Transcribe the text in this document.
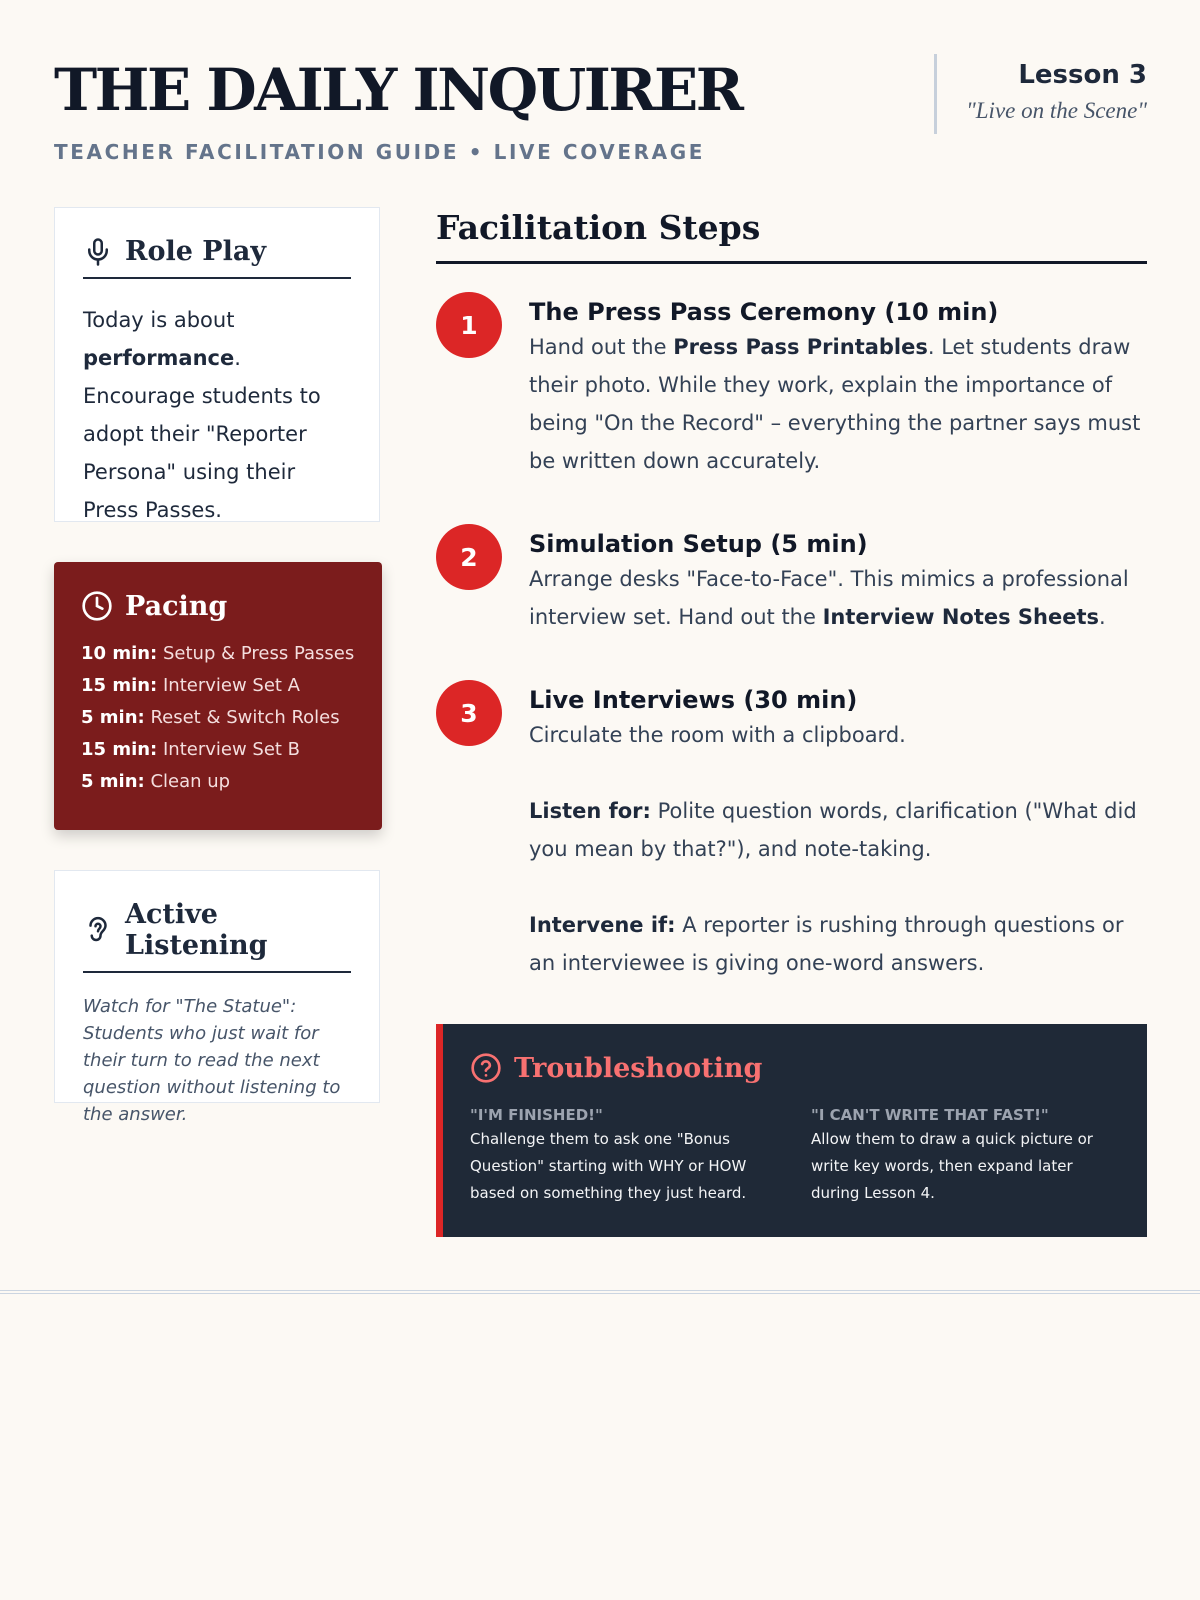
THE DAILY INQUIRER
TEACHER FACILITATION GUIDE • LIVE COVERAGE
Lesson 3
"Live on the Scene"
Role Play
Today is about
performance. Encourage students to adopt their "Reporter Persona" using their Press Passes.
Pacing
10 min: Setup & Press Passes
15 min: Interview Set A
5 min: Reset & Switch Roles
15 min: Interview Set B
5 min: Clean up
Active Listening
Watch for "The Statue": Students who just wait for their turn to read the next question without listening to the answer.
Facilitation Steps
1	The Press Pass Ceremony (10 min)
Hand out the Press Pass Printables. Let students draw their photo. While they work, explain the importance of being "On the Record" – everything the partner says must be written down accurately.
2	Simulation Setup (5 min)
Arrange desks "Face-to-Face". This mimics a professional interview set. Hand out the Interview Notes Sheets.
3	Live Interviews (30 min)
Circulate the room with a clipboard.
Listen for: Polite question words, clarification ("What did you mean by that?"), and note-taking.
Intervene if: A reporter is rushing through questions or an interviewee is giving one-word answers.
Troubleshooting
"I'M FINISHED!"
Challenge them to ask one "Bonus Question" starting with WHY or HOW based on something they just heard.
"I CAN'T WRITE THAT FAST!"
Allow them to draw a quick picture or write key words, then expand later during Lesson 4.
